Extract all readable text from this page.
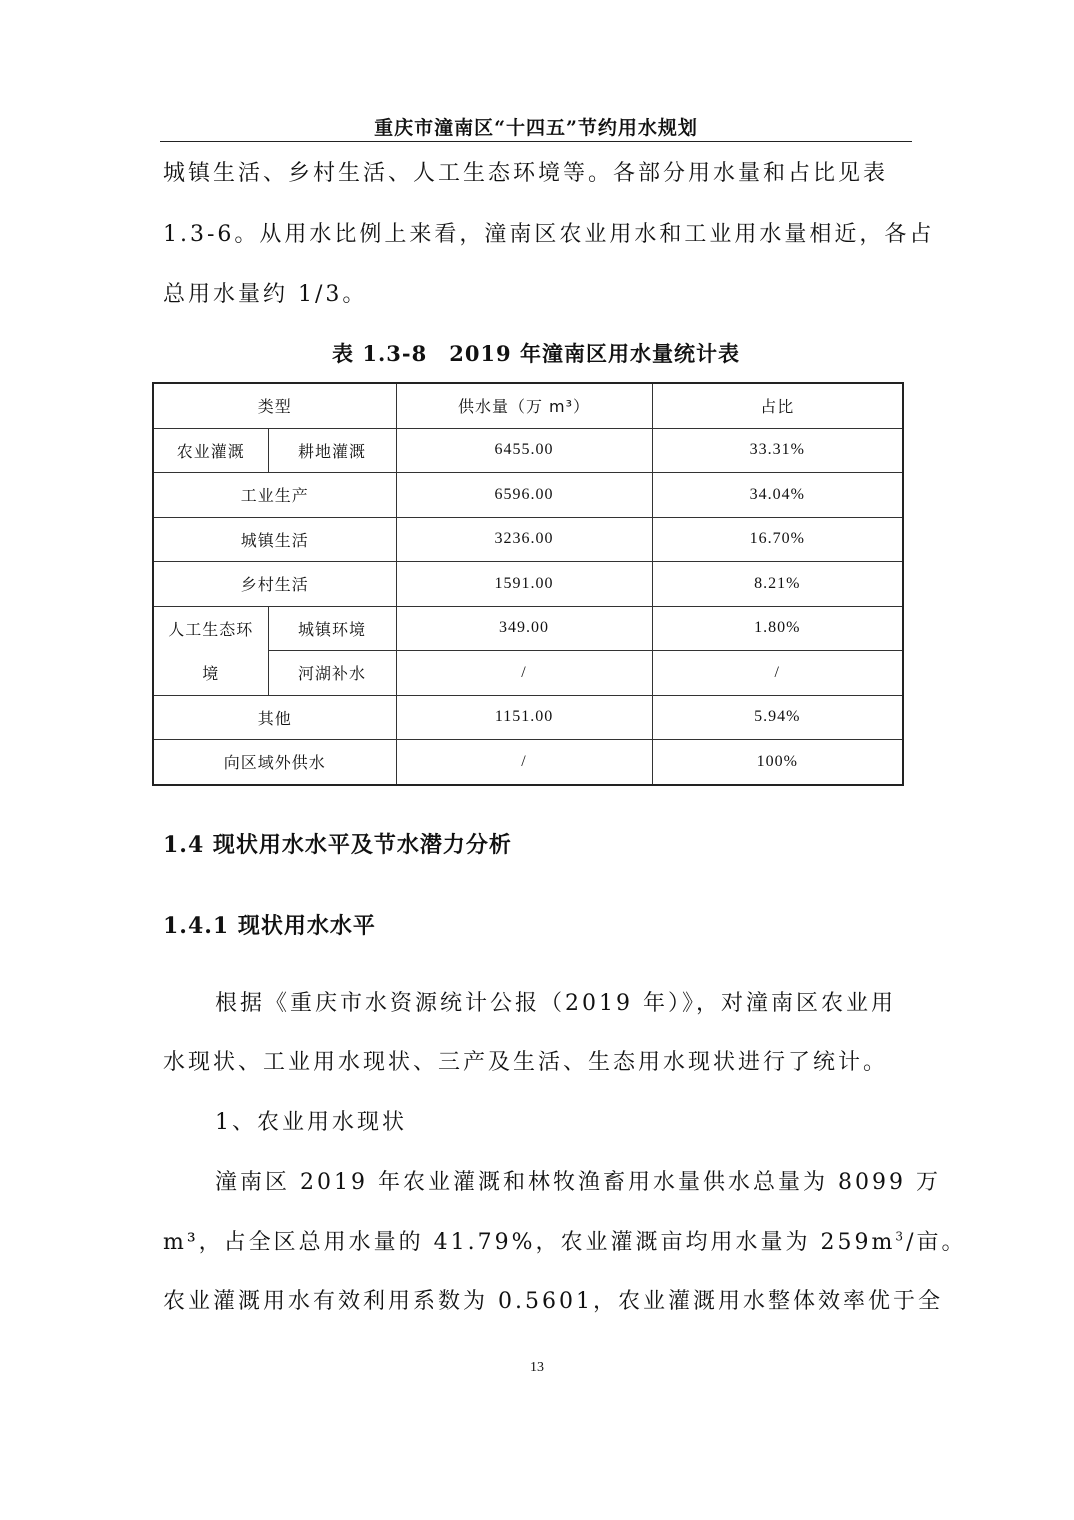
重庆市潼南区“十四五”节约用水规划
城镇生活、乡村生活、人工生态环境等。各部分用水量和占比见表
1.3-6。从用水比例上来看，潼南区农业用水和工业用水量相近，各占
总用水量约 1/3。
表 1.3-8　2019 年潼南区用水量统计表
类型		供水量（万 m³）	占比
农业灌溉	耕地灌溉	6455.00	33.31%
工业生产		6596.00	34.04%
城镇生活		3236.00	16.70%
乡村生活		1591.00	8.21%
人工生态环	城镇环境	349.00	1.80%
境	河湖补水	/	/
其他		1151.00	5.94%
向区域外供水		/	100%
1.4 现状用水水平及节水潜力分析
1.4.1 现状用水水平
根据《重庆市水资源统计公报（2019 年）》，对潼南区农业用
水现状、工业用水现状、三产及生活、生态用水现状进行了统计。
1、农业用水现状
潼南区 2019 年农业灌溉和林牧渔畜用水量供水总量为 8099 万
m³，占全区总用水量的 41.79%，农业灌溉亩均用水量为 $259m^3/$亩。
农业灌溉用水有效利用系数为 0.5601，农业灌溉用水整体效率优于全
13
